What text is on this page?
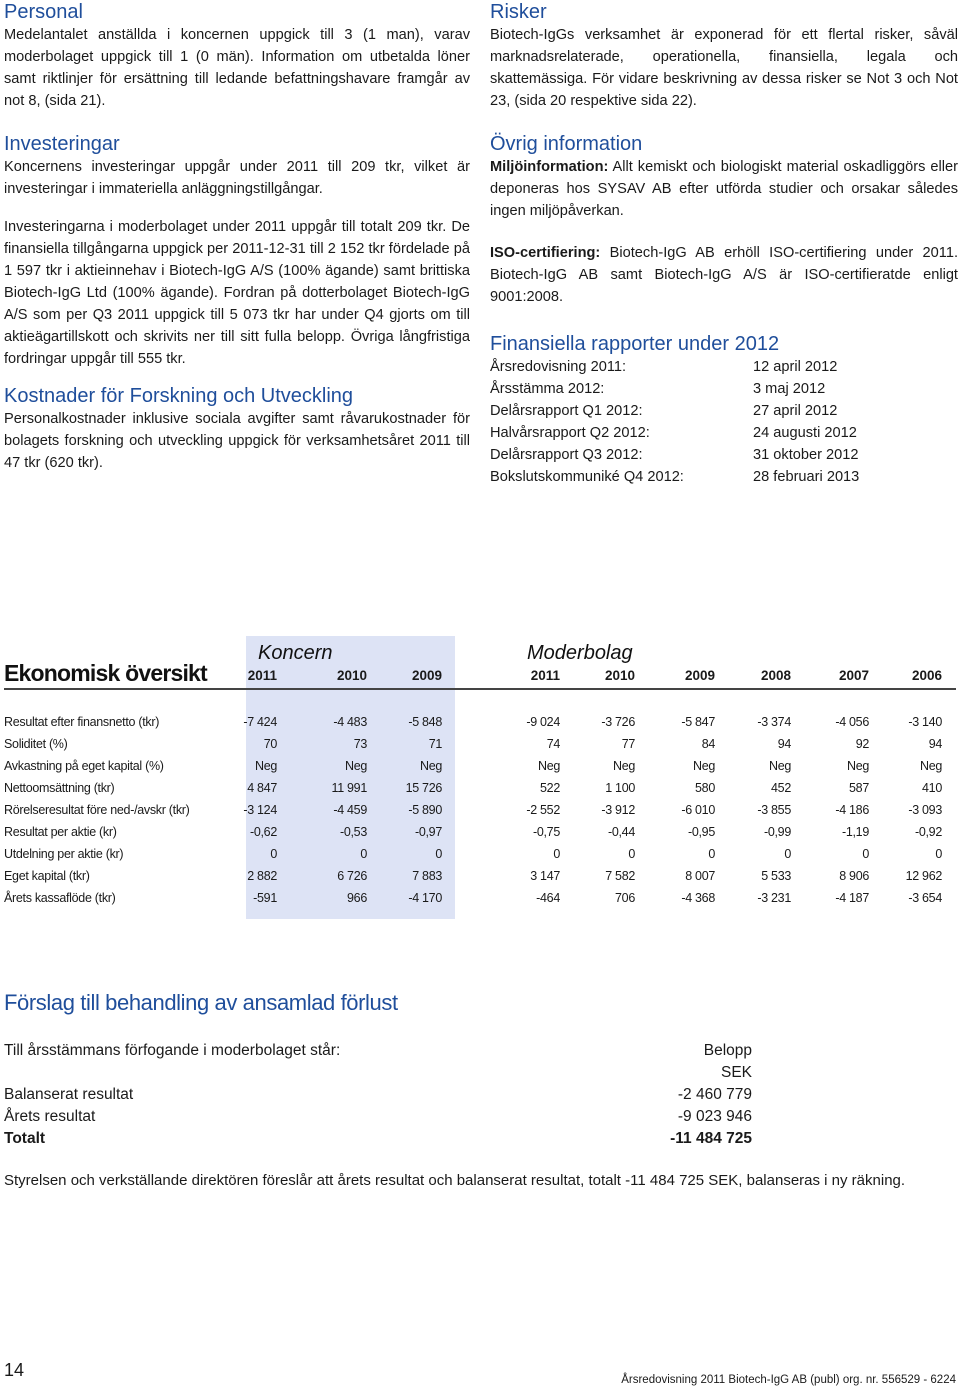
Personal

Medelantalet anställda i koncernen uppgick till 3 (1 man), varav moderbolaget uppgick till 1 (0 män). Information om utbetalda löner samt riktlinjer för ersättning till ledande befattningshavare framgår av not 8, (sida 21).

Investeringar

Koncernens investeringar uppgår under 2011 till 209 tkr, vilket är investeringar i immateriella anläggningstillgångar.

Investeringarna i moderbolaget under 2011 uppgår till totalt 209 tkr. De finansiella tillgångarna uppgick per 2011-12-31 till 2 152 tkr fördelade på 1 597 tkr i aktieinnehav i Biotech-IgG A/S (100% ägande) samt brittiska Biotech-IgG Ltd (100% ägande). Fordran på dotterbolaget Biotech-IgG A/S som per Q3 2011 uppgick till 5 073 tkr har under Q4 gjorts om till aktieägartillskott och skrivits ner till sitt fulla belopp. Övriga långfristiga fordringar uppgår till 555 tkr.

Kostnader för Forskning och Utveckling

Personalkostnader inklusive sociala avgifter samt råvarukostnader för bolagets forskning och utveckling uppgick för verksamhetsåret 2011 till 47 tkr (620 tkr).

Risker

Biotech-IgGs verksamhet är exponerad för ett flertal risker, såväl marknadsrelaterade, operationella, finansiella, legala och skattemässiga. För vidare beskrivning av dessa risker se Not 3 och Not 23, (sida 20 respektive sida 22).

Övrig information

Miljöinformation: Allt kemiskt och biologiskt material oskadliggörs eller deponeras hos SYSAV AB efter utförda studier och orsakar således ingen miljöpåverkan.

ISO-certifiering: Biotech-IgG AB erhöll ISO-certifiering under 2011. Biotech-IgG AB samt Biotech-IgG A/S är ISO-certifieratde enligt 9001:2008.

Finansiella rapporter under 2012
Årsredovisning 2011:	12 april 2012
Årsstämma 2012:	3 maj 2012
Delårsrapport Q1 2012:	27 april 2012
Halvårsrapport Q2 2012:	24 augusti 2012
Delårsrapport Q3 2012:	31 oktober 2012
Bokslutskommuniké Q4 2012:	28 februari 2013
Ekonomisk översikt
Koncern	Moderbolag
2011	2010	2009	2011	2010	2009	2008	2007	2006
Resultat efter finansnetto (tkr)	-7 424	-4 483	-5 848	-9 024	-3 726	-5 847	-3 374	-4 056	-3 140
Soliditet (%)	70	73	71	74	77	84	94	92	94
Avkastning på eget kapital (%)	Neg	Neg	Neg	Neg	Neg	Neg	Neg	Neg	Neg
Nettoomsättning (tkr)	4 847	11 991	15 726	522	1 100	580	452	587	410
Rörelseresultat före ned-/avskr (tkr)	-3 124	-4 459	-5 890	-2 552	-3 912	-6 010	-3 855	-4 186	-3 093
Resultat per aktie (kr)	-0,62	-0,53	-0,97	-0,75	-0,44	-0,95	-0,99	-1,19	-0,92
Utdelning per aktie (kr)	0	0	0	0	0	0	0	0	0
Eget kapital (tkr)	2 882	6 726	7 883	3 147	7 582	8 007	5 533	8 906	12 962
Årets kassaflöde (tkr)	-591	966	-4 170	-464	706	-4 368	-3 231	-4 187	-3 654
Förslag till behandling av ansamlad förlust
Till årsstämmans förfogande i moderbolaget står:	Belopp
SEK
Balanserat resultat	-2 460 779
Årets resultat	-9 023 946
Totalt	-11 484 725
Styrelsen och verkställande direktören föreslår att årets resultat och balanserat resultat, totalt -11 484 725 SEK, balanseras i ny räkning.
14	Årsredovisning 2011 Biotech-IgG AB (publ) org. nr. 556529 - 6224
